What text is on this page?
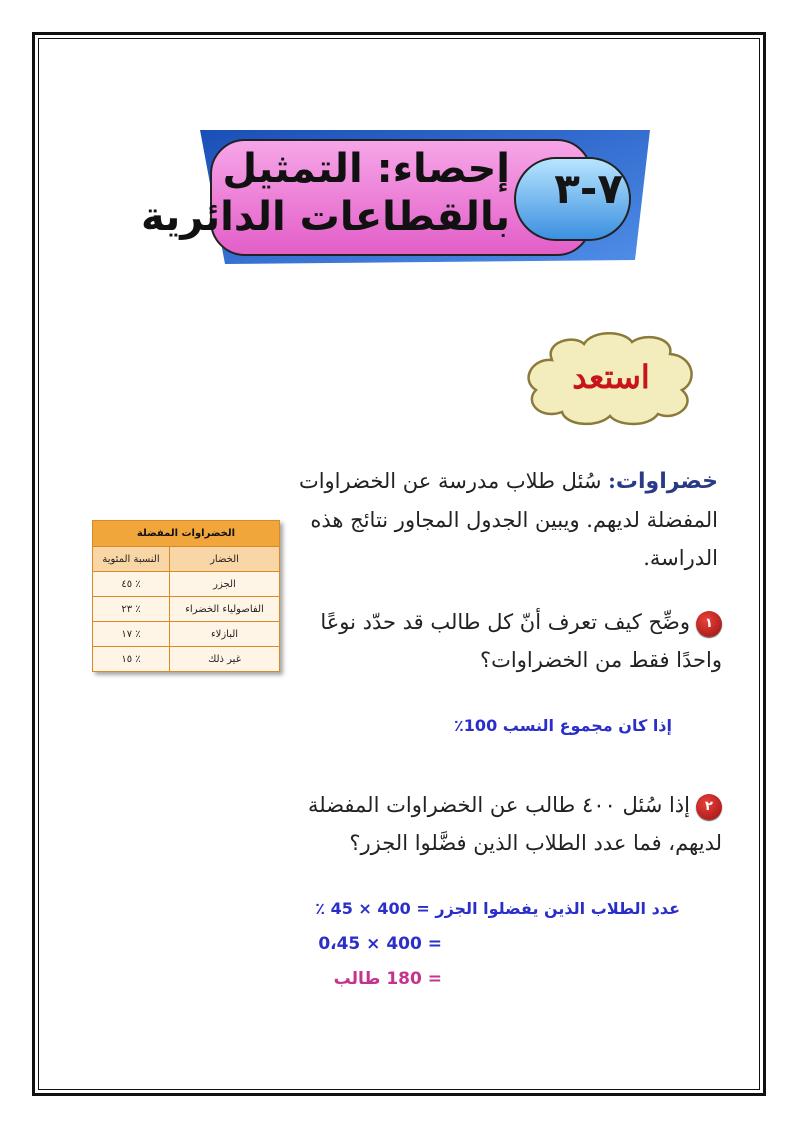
إحصاء: التمثيل
بالقطاعات الدائرية
٧-٣
استعد
خضراوات: سُئل طلاب مدرسة عن الخضراوات المفضلة لديهم. ويبين الجدول المجاور نتائج هذه الدراسة.
الخضراوات المفضلة	
الخضار	النسبة المئوية
الجزر	٪ ٤٥
الفاصولياء الخضراء	٪ ٢٣
البازلاء	٪ ١٧
غير ذلك	٪ ١٥
١وضِّح كيف تعرف أنّ كل طالب قد حدّد نوعًا واحدًا فقط من الخضراوات؟
إذا كان مجموع النسب 100٪
٢إذا سُئل ٤٠٠ طالب عن الخضراوات المفضلة لديهم، فما عدد الطلاب الذين فضَّلوا الجزر؟
عدد الطلاب الذين يفضلوا الجزر = 400 × 45 ٪
0،45 × 400 =
= 180 طالب
